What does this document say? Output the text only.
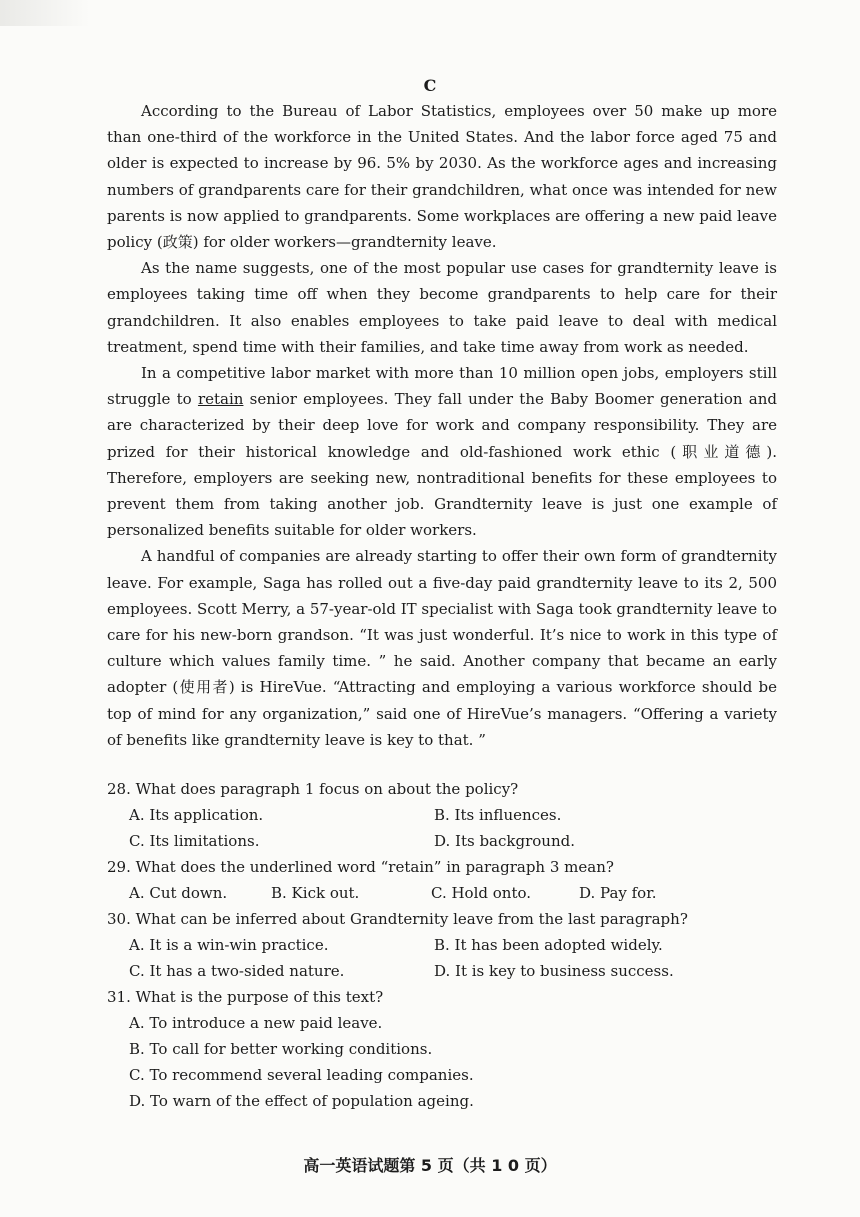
C

According to the Bureau of Labor Statistics, employees over 50 make up more than one-third of the workforce in the United States. And the labor force aged 75 and older is expected to increase by 96. 5% by 2030. As the workforce ages and increasing numbers of grandparents care for their grandchildren, what once was intended for new parents is now applied to grandparents. Some workplaces are offering a new paid leave policy (政策) for older workers—grandternity leave.

As the name suggests, one of the most popular use cases for grandternity leave is employees taking time off when they become grandparents to help care for their grandchildren. It also enables employees to take paid leave to deal with medical treatment, spend time with their families, and take time away from work as needed.

In a competitive labor market with more than 10 million open jobs, employers still struggle to retain senior employees. They fall under the Baby Boomer generation and are characterized by their deep love for work and company responsibility. They are prized for their historical knowledge and old-fashioned work ethic (职业道德). Therefore, employers are seeking new, nontraditional benefits for these employees to prevent them from taking another job. Grandternity leave is just one example of personalized benefits suitable for older workers.

A handful of companies are already starting to offer their own form of grandternity leave. For example, Saga has rolled out a five-day paid grandternity leave to its 2, 500 employees. Scott Merry, a 57-year-old IT specialist with Saga took grandternity leave to care for his new-born grandson. “It was just wonderful. It’s nice to work in this type of culture which values family time. ” he said. Another company that became an early adopter (使用者) is HireVue. “Attracting and employing a various workforce should be top of mind for any organization,” said one of HireVue’s managers. “Offering a variety of benefits like grandternity leave is key to that. ”

28. What does paragraph 1 focus on about the policy?

A. Its application.	B. Its influences.
C. Its limitations.	D. Its background.

29. What does the underlined word “retain” in paragraph 3 mean?

A. Cut down.	B. Kick out.	C. Hold onto.	D. Pay for.

30. What can be inferred about Grandternity leave from the last paragraph?

A. It is a win-win practice.	B. It has been adopted widely.
C. It has a two-sided nature.	D. It is key to business success.

31. What is the purpose of this text?

A. To introduce a new paid leave.
B. To call for better working conditions.
C. To recommend several leading companies.
D. To warn of the effect of population ageing.
高一英语试题第 5 页（共 1 0 页）
